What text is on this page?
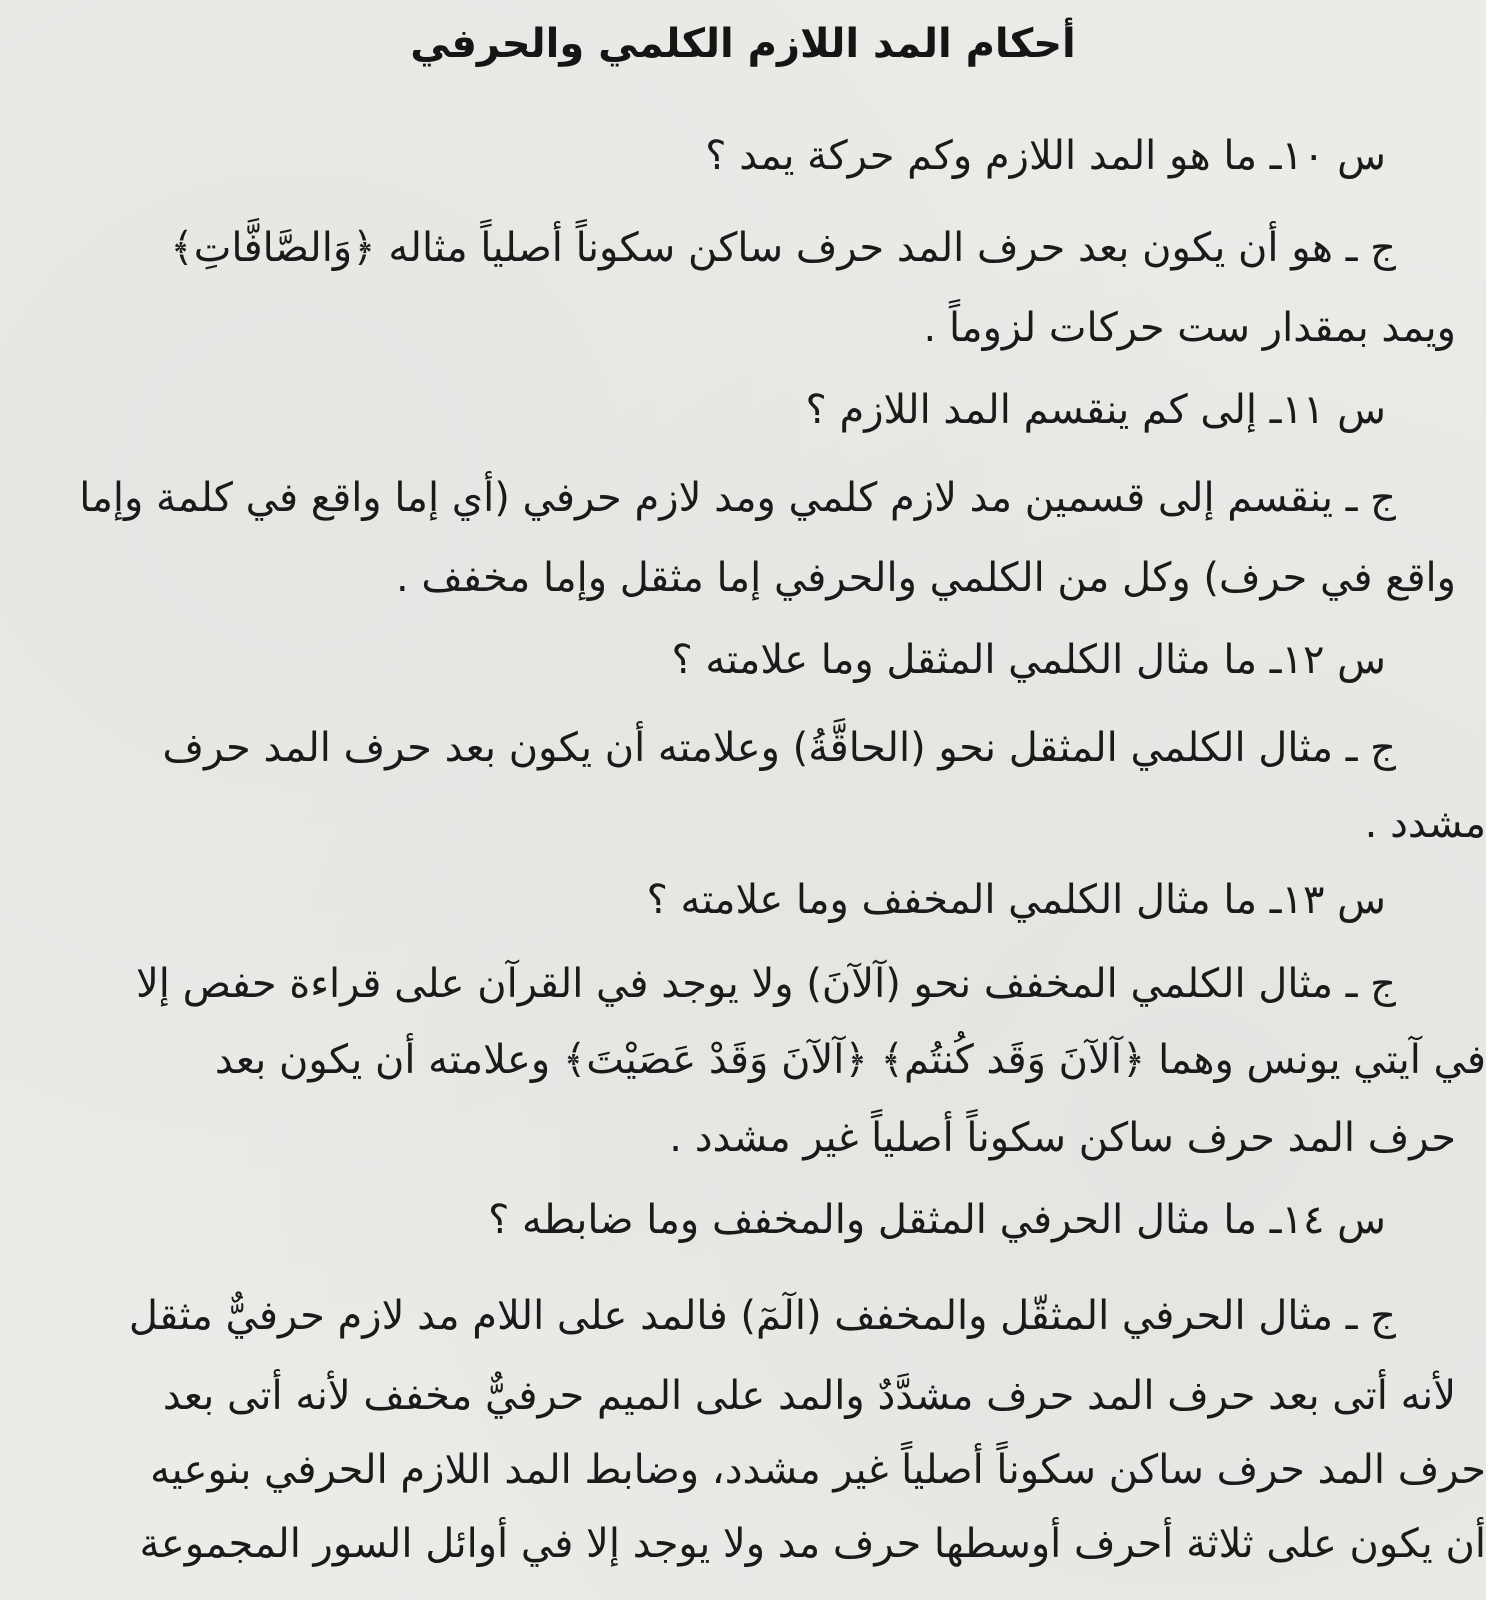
أحكام المد اللازم الكلمي والحرفي
س ١٠ـ ما هو المد اللازم وكم حركة يمد ؟
ج ـ هو أن يكون بعد حرف المد حرف ساكن سكوناً أصلياً مثاله ﴿وَالصَّافَّاتِ﴾
ويمد بمقدار ست حركات لزوماً .
س ١١ـ إلى كم ينقسم المد اللازم ؟
ج ـ ينقسم إلى قسمين مد لازم كلمي ومد لازم حرفي (أي إما واقع في كلمة وإما
واقع في حرف) وكل من الكلمي والحرفي إما مثقل وإما مخفف .
س ١٢ـ ما مثال الكلمي المثقل وما علامته ؟
ج ـ مثال الكلمي المثقل نحو (الحاقَّةُ) وعلامته أن يكون بعد حرف المد حرف
مشدد .
س ١٣ـ ما مثال الكلمي المخفف وما علامته ؟
ج ـ مثال الكلمي المخفف نحو (آلآنَ) ولا يوجد في القرآن على قراءة حفص إلا
في آيتي يونس وهما ﴿آلآنَ وَقَد كُنتُم﴾ ﴿آلآنَ وَقَدْ عَصَيْتَ﴾ وعلامته أن يكون بعد
حرف المد حرف ساكن سكوناً أصلياً غير مشدد .
س ١٤ـ ما مثال الحرفي المثقل والمخفف وما ضابطه ؟
ج ـ مثال الحرفي المثقّل والمخفف (الٓمٓ) فالمد على اللام مد لازم حرفيٌّ مثقل
لأنه أتى بعد حرف المد حرف مشدَّدٌ والمد على الميم حرفيٌّ مخفف لأنه أتى بعد
حرف المد حرف ساكن سكوناً أصلياً غير مشدد، وضابط المد اللازم الحرفي بنوعيه
أن يكون على ثلاثة أحرف أوسطها حرف مد ولا يوجد إلا في أوائل السور المجموعة
